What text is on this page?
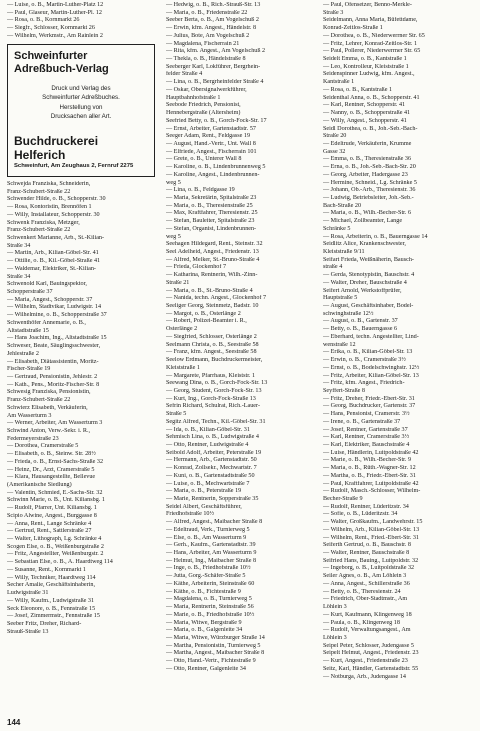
— Luise, o. B., Martin-Luther-Platz 12
— Paul, Glaseur, Martin-Luther-Pl. 12
— Rosa, o. B., Kornmarkt 26
— Siegfr., Schlosser, Kornmarkt 26
— Wilhelm, Werkmstr., Am Rainlein 2
Schweinfurter
Adreßbuch-Verlag
Druck und Verlag des
Schweinfurter Adreßbuches.
Herstellung von
Drucksachen aller Art.
Buchdruckerei Helferich
Schweinfurt, Am Zeughaus 2, Fernruf 2275
Schwejda Franziska, Schneiderin,
Franz-Schubert-Straße 22
Schwender Hilde, o. B., Schopperstr. 30
— Rosa, Kontoristin, Brennöfen 1
— Willy, Installateur, Schopperstr. 30
Schwenk Franziska, Metzger,
Franz-Schubert-Straße 22
Schwenkert Marianne, Arb., St.-Kilian-
Straße 34
— Martin, Arb., Kilian-Göbel-Str. 41
— Ottilie, o. B., Kil.-Göbel-Straße 41
— Waldemar, Elektriker, St.-Kilian-
Straße 34
Schwenold Karl, Bauingspektor,
Schopperstraße 37
— Maria, Angest., Schopperstr. 37
— Wilhelm, Stadtvikar, Ludwigstr. 14
— Wilhelmine, o. B., Schopperstraße 37
Schwenthöfer Annemarie, o. B.,
Altstadtstraße 15
— Hans Joachim, Ing., Altstadtstraße 15
Schweser, Beate, Säuglingsschwester,
Jehlestraße 2
— Elisabeth, Diätassistentin, Moritz-
Fischer-Straße 19
— Gertraud, Pensionistin, Jehlestr. 2
— Kath., Pens., Moritz-Fischer-Str. 8
Schwesig Franziska, Pensionistin,
Franz-Schubert-Straße 22
Schwierz Elisabeth, Verkäuferin,
Am Wasserturm 3
— Werner, Arbeiter, Am Wasserturm 3
Schwind Anton, Verw.-Sekr. i. R.,
Federmeyerstraße 23
— Dorothea, Cramerstraße 5
— Elisabeth, o. B., Steinw. Str. 28½
— Frieda, o. B., Ernst-Sachs-Straße 32
— Heinz, Dr., Arzt, Cramerstraße 5
— Klara, Hausangestellte, Bellevue
(Amerikanische Siedlung)
— Valentin, Schmied, E.-Sachs-Str. 32
Schwinn Marie, o. B., Unt. Kiliansbg. 1
— Rudolf, Pfarrer, Unt. Kiliansbg. 1
Scipio Alwine, Angest., Burggasse 8
— Anna, Rent., Lange Schränke 4
— Gertrud, Rent., Sattlerstraße 27
— Walter, Lithograph, Lg. Schränke 4
Scogen Else, o. B., Weißenburgstraße 2
— Fritz, Angestellter, Weißenburgstr. 2
— Sebastian Else, o. B., A. Haardtweg 114
— Susanne, Rent., Kornmarkt 1
— Willy, Techniker, Haardtweg 114
Secher Amalie, Geschäftsinhaberin,
Ludwigstraße 31
— Willy, Kaufm., Ludwigstraße 31
Seck Eleonore, o. B., Fennstraße 15
— Josef, Zimmermstr., Fennstraße 15
Seeber Fritz, Dreher, Richard-
Strauß-Straße 13
— Hedwig, o. B., Rich.-Strauß-Str. 13
— Maria, o. B., Friedenstraße 22
Seeber Berta, o. B., Am Vogelschuß 2
— Erwin, kfm. Angest., Händelstr. 8
— Julius, Bote, Am Vogelschuß 2
— Magdalena, Fischerrain 21
— Rita, kfm. Angest., Am Vogelschuß 2
— Thekla, o. B., Händelstraße 8
Seeberger Karl, Lokführer, Bergrhein-
felder Straße 4
— Lina, o. B., Bergrheinfelder Straße 4
— Oskar, Obersignalwerkführer,
Hauptbahnhofstraße 1
Seebode Friedrich, Pensionist,
Hennebergstraße (Altersheim)
Seefried Betty, o. B., Gorch-Fock-Str. 17
— Ernst, Arbeiter, Gartenstadtstr. 57
Seeger Adam, Rent., Feldgasse 19
— August, Hand.-Vertr., Unt. Wall 8
— Elfriede, Angest., Fischerrain 101
— Grete, o. B., Unterer Wall 8
— Karoline, o. B., Lindenbrunnenweg 5
— Karoline, Angest., Lindenbrunnen-
weg 5
— Lina, o. B., Feldgasse 19
— Maria, Sekretärin, Spitalstraße 23
— Maria, o. B., Theresienstraße 25
— Max, Kraftfahrer, Theresienstr. 25
— Stefan, Bauleiter, Spitalstraße 23
— Stefan, Organist, Lindenbrunnen-
weg 5
Seehagen Hildegard, Rent., Steinstr. 32
Seel Adelheid, Angest., Friedenstr. 13
— Alfred, Melker, St.-Bruno-Straße 4
— Frieda, Glockenhof 7
— Katharina, Rentnerin, Wilh.-Zinn-
Straße 21
— Maria, o. B., St.-Bruno-Straße 4
— Nanida, techn. Angest., Glockenhof 7
Seeliger Georg, Steinmetz, Badstr. 10
— Margot, o. B., Osterlänge 2
— Robert, Polizei-Beamter i. R.,
Osterlänge 2
— Siegfried, Schlosser, Osterlänge 2
Seelmann Christa, o. B., Seestraße 58
— Franz, kfm. Angest., Seestraße 58
Seelow Erdmann, Buchdruckermeister,
Kleiststraße 1
— Margarete, Pfarrhaus, Kleiststr. 1
Seewang Dina, o. B., Gorch-Fock-Str. 13
— Georg, Student, Gorch-Fock-Str. 13
— Kurt, Ing., Gorch-Fock-Straße 13
Sefrin Richard, Schulrat, Rich.-Lauer-
Straße 5
Segitz Alfred, Techn., Kil.-Göbel-Str. 31
— Ida, o. B., Kilian-Göbel-Str. 31
Sehmisch Lina, o. B., Ludwigstraße 4
— Otto, Rentner, Ludwigstraße 4
Seibold Adolf, Arbeiter, Peterstraße 19
— Hermann, Arb., Gartenstadtstr. 50
— Konrad, Zollsekr., Mechwartstr. 7
— Kuni, o. B., Gartenstadtstraße 50
— Luise, o. B., Mechwartstraße 7
— Maria, o. B., Peterstraße 19
— Marie, Rentnerin, Sopperstraße 35
Seidel Albert, Geschäftsführer,
Friedhofstraße 10½
— Alfred, Angest., Maibacher Straße 8
— Edeltraud, Verk., Turnierweg 5
— Else, o. B., Am Wasserturm 9
— Gerh., Kaufm., Gartenstadtstr. 39
— Hans, Arbeiter, Am Wasserturm 9
— Helmut, Ing., Maibacher Straße 8
— Inge, o. B., Friedhofstraße 10½
— Jutta, Gorg.-Schäfer-Straße 5
— Käthe, Arbeiterin, Steinstraße 60
— Käthe, o. B., Fichtestraße 9
— Magdalena, o. B., Turnierweg 5
— Maria, Rentnerin, Steinstraße 56
— Marie, o. B., Friedhofstraße 10½
— Maria, Witwe, Bergstraße 9
— Maria, o. B., Galgenleite 34
— Maria, Witwe, Würzburger Straße 14
— Martha, Pensionistin, Turnierweg 5
— Martha, Angest., Maibacher Straße 8
— Otto, Hand.-Vertr., Fichtestraße 9
— Otto, Rentner, Galgenleite 34
— Paul, Ofensetzer, Benno-Merkle-
Straße 3
Seidelmann, Anna Maria, Büfettdame,
Konrad-Zeitlos-Straße 1
— Dorothea, o. B., Niederwerrner Str. 65
— Fritz, Lehrer, Konrad-Zeitlos-Str. 1
— Paul, Pollerer, Niederwerrner Str. 65
Seidelt Emma, o. B., Kantstraße 1
— Leo, Kontrolleur, Kleiststraße 1
Seidenspinner Ludwig, kfm. Angest.,
Kantstraße 1
— Rosa, o. B., Kantstraße 1
Seidenthal Anna, o. B., Schopperstr. 41
— Karl, Rentner, Schopperstr. 41
— Nanny, o. B., Schopperstraße 41
— Willy, Angest., Schopperstr. 41
Seidl Dorothea, o. B., Joh.-Seb.-Bach-
Straße 20
— Edeltrude, Verkäuferin, Krumme
Gasse 32
— Emma, o. B., Theresienstraße 36
— Erna, o. B., Joh.-Seb.-Bach-Str. 20
— Georg, Arbeiter, Hadergasse 23
— Hermine, Schneid., Lg. Schränke 5
— Johann, Ob.-Arb., Theresienstr. 36
— Ludwig, Betriebsleiter, Joh.-Seb.-
Bach-Straße 20
— Maria, o. B., Wilh.-Becher-Str. 6
— Michael, Zollbeamter, Lange
Schränke 5
— Rosa, Arbeiterin, o. B., Bauerngasse 14
Seidlitz Alice, Krankenschwester,
Kleiststraße 9/11
Seifart Frieda, Weißnäherin, Bausch-
straße 4
— Gerda, Stenotypistin, Bauschstr. 4
— Walter, Dreher, Bauschstraße 4
Seifert Arnold, Werkstoffprüfer,
Hauptstraße 5
— August, Geschäftsinhaber, Bodel-
schwinghstraße 12½
— August, o. B., Gartenstr. 37
— Betty, o. B., Bauerngasse 6
— Eberhard, techn. Angestellter, Lind-
wenstraße 12
— Erika, o. B., Kilian-Göbel-Str. 13
— Erwin, o. B., Cramerstraße 3½
— Ernst, o. B., Bodelschwinghstr. 12½
— Fritz, Arbeiter, Kilian-Göbel-Str. 13
— Fritz, kfm. Angest., Friedrich-
Seyffert-Straße 8
— Fritz, Dreher, Friedr.-Ebert-Str. 31
— Georg, Buchdrucker, Gartenstr. 37
— Hans, Pensionist, Cramerstr. 3½
— Irene, o. B., Gartenstraße 37
— Josef, Rentner, Gartenstraße 37
— Karl, Rentner, Cramerstraße 3½
— Karl, Elektriker, Bauschstraße 4
— Luise, Händlerin, Luitpoldstraße 42
— Marie, o. B., Wilh.-Becher-Str. 9
— Maria, o. B., Rüth.-Wagner-Str. 12
— Martha, o. B., Friedr.-Ebert-Str. 31
— Paul, Kraftfahrer, Luitpoldstraße 42
— Rudolf, Masch.-Schlosser, Wilhelm-
Becher-Straße 9
— Rudolf, Rentner, Lüderitzstr. 34
— Sofie, o. B., Lüderitzstr. 34
— Walter, Großkaufm., Landwehrstr. 15
— Wilhelm, Arb., Kilian-Göbel-Str. 13
— Wilhelm, Rent., Fried.-Ebert-Str. 31
Seiferth Gertrud, o. B., Bauschstr. 8
— Walter, Rentner, Bauschstraße 8
Seifried Hans, Bauing., Luitpoldstr. 32
— Ingeborg, o. B., Luitpoldstraße 32
Seiler Agnes, o. B., Am Löhlein 3
— Anna, Angest., Schillerstraße 36
— Betty, o. B., Theresienstr. 24
— Friedrich, Ober-Stadtmstr., Am
Löhlein 3
— Kurt, Kaufmann, Klingenweg 18
— Paula, o. B., Klingenweg 18
— Rudolf, Verwaltungsangest., Am
Löhlein 3
Seipel Peter, Schlosser, Judengasse 5
Seipelt Helmut, Angest., Friedenstr. 23
— Kurt, Angest., Friedenstraße 23
Seitz, Karl, Händler, Gartenstadtstr. 55
— Notburga, Arb., Judengasse 14
144
